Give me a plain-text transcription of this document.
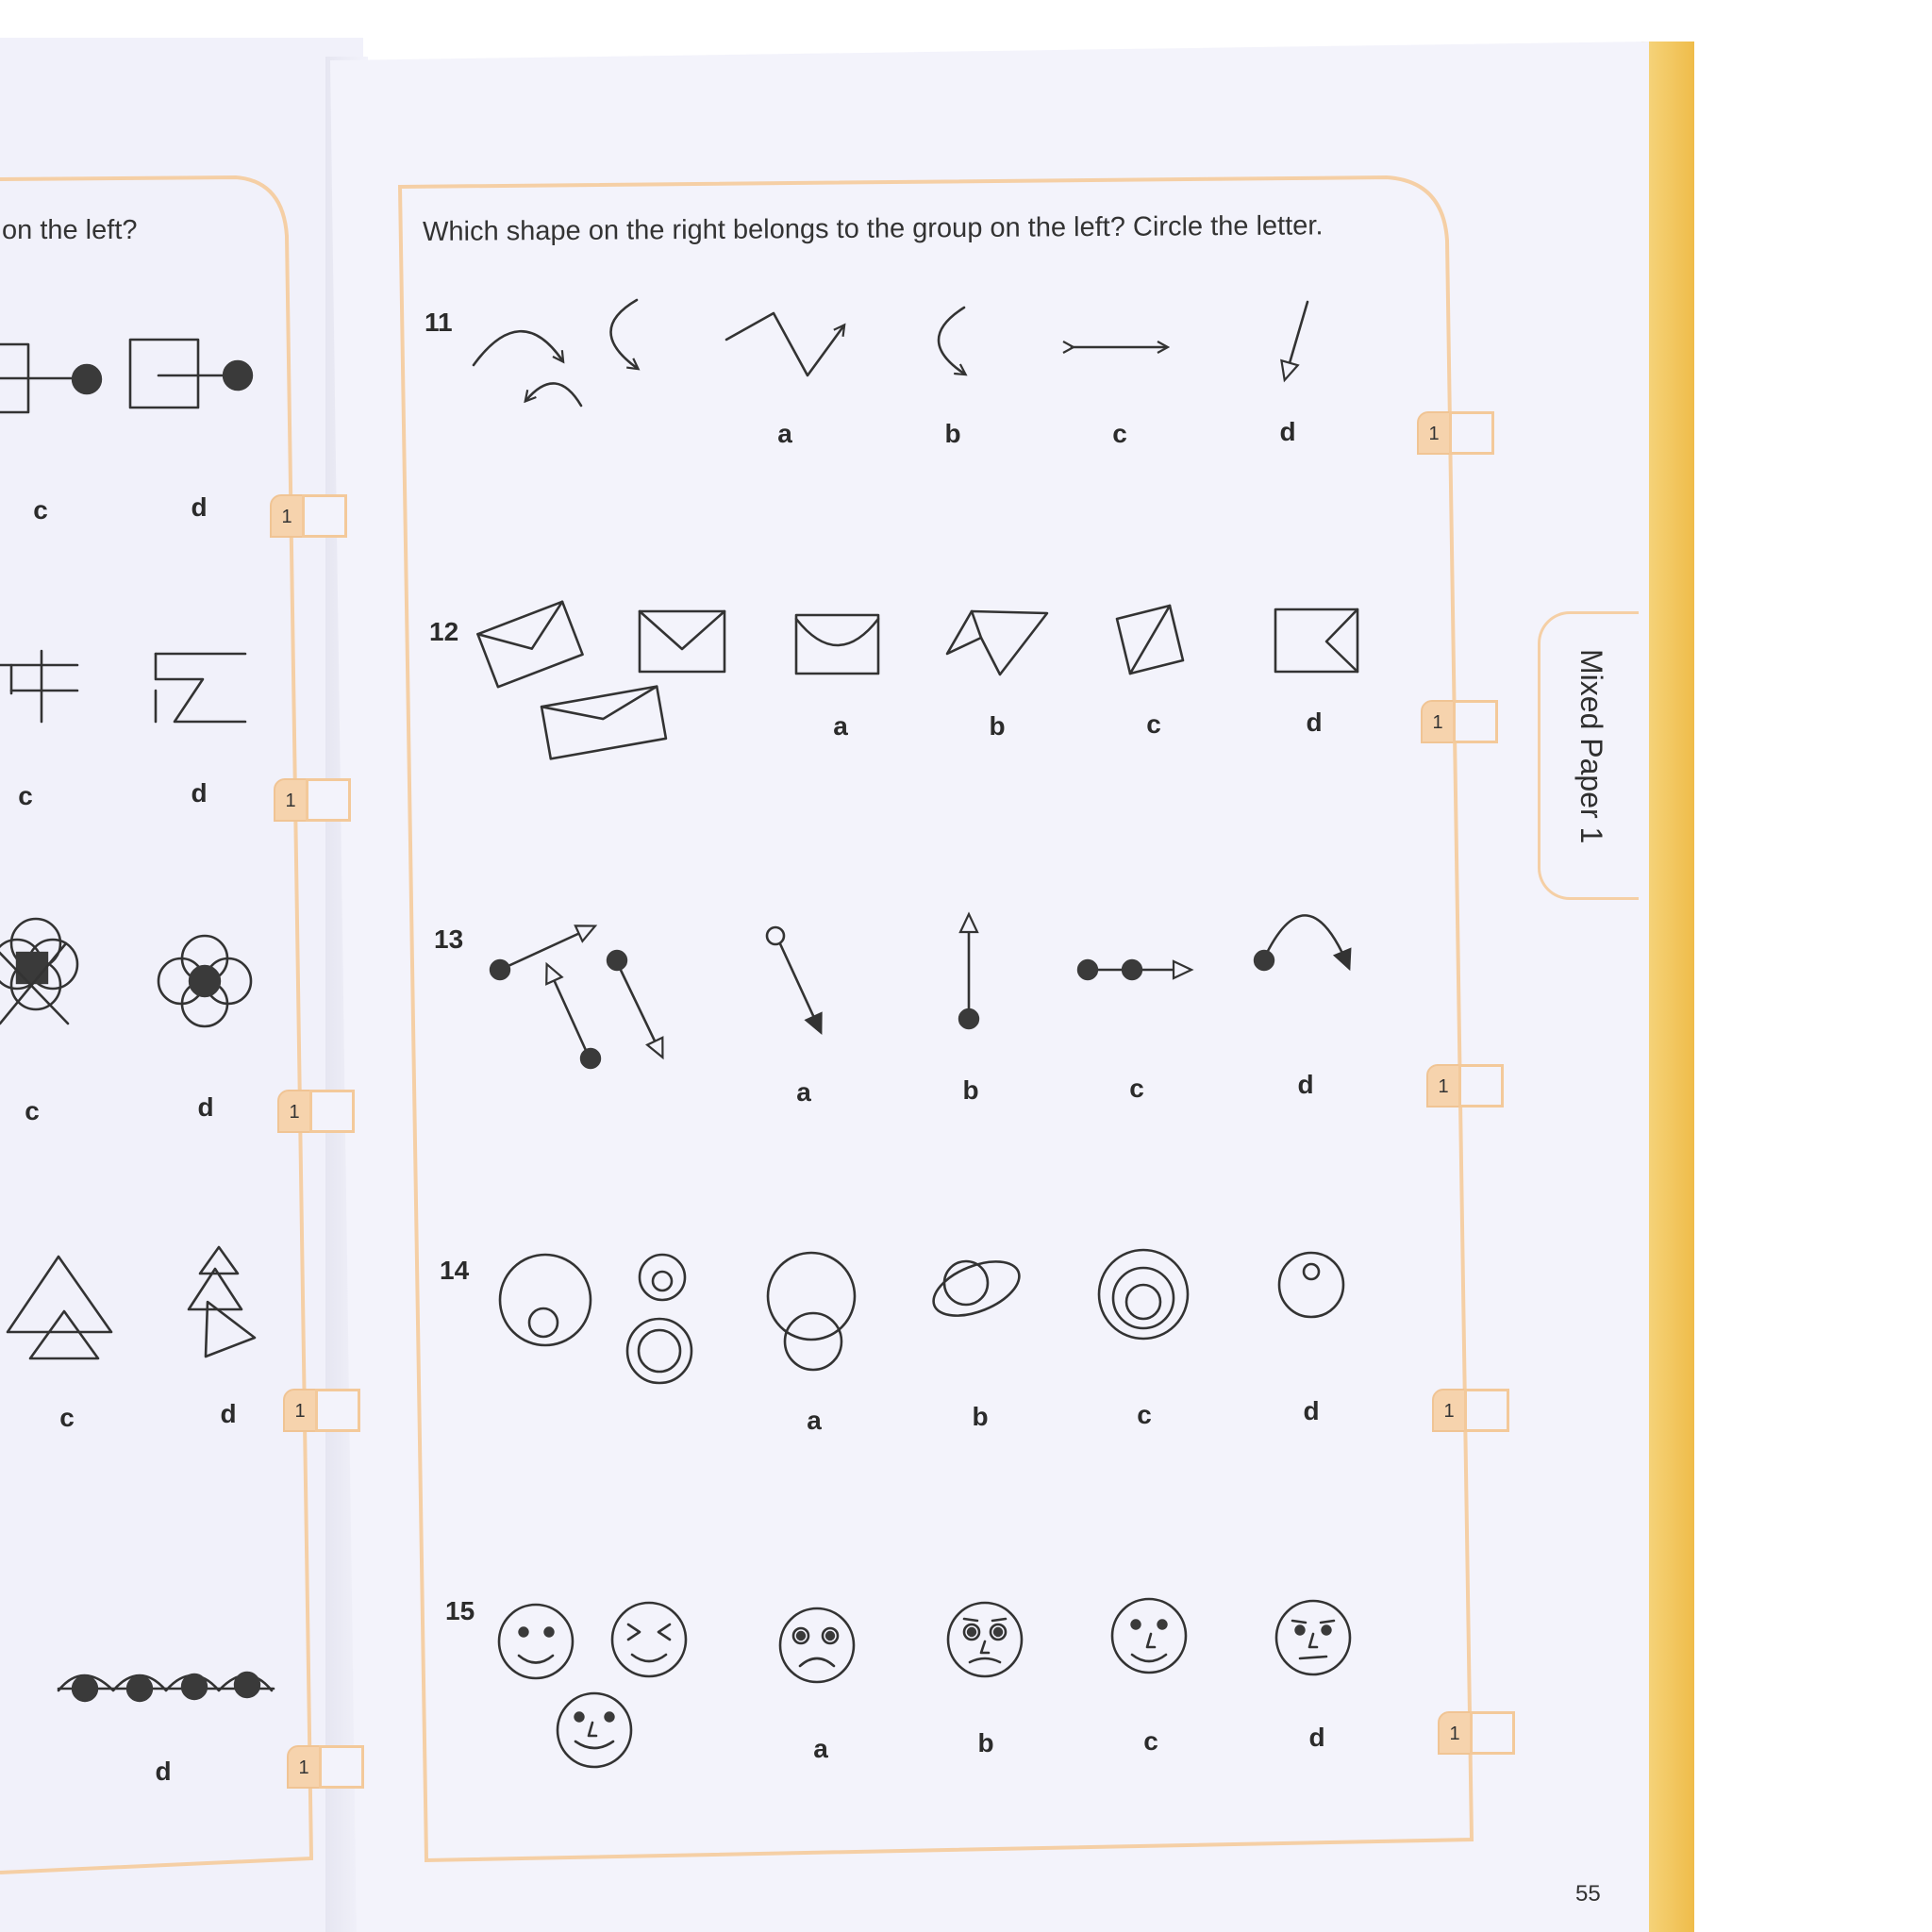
on the left?
c	d	1
c	d	1
c	d	1
c	d	1
d	1
Which shape on the right belongs to the group on the left? Circle the letter.
Mixed Paper 1
55
11
a	b	c	d	1
12
a	b	c	d	1
13
a	b	c	d	1
14
a	b	c	d	1
15
a	b	c	d	1
